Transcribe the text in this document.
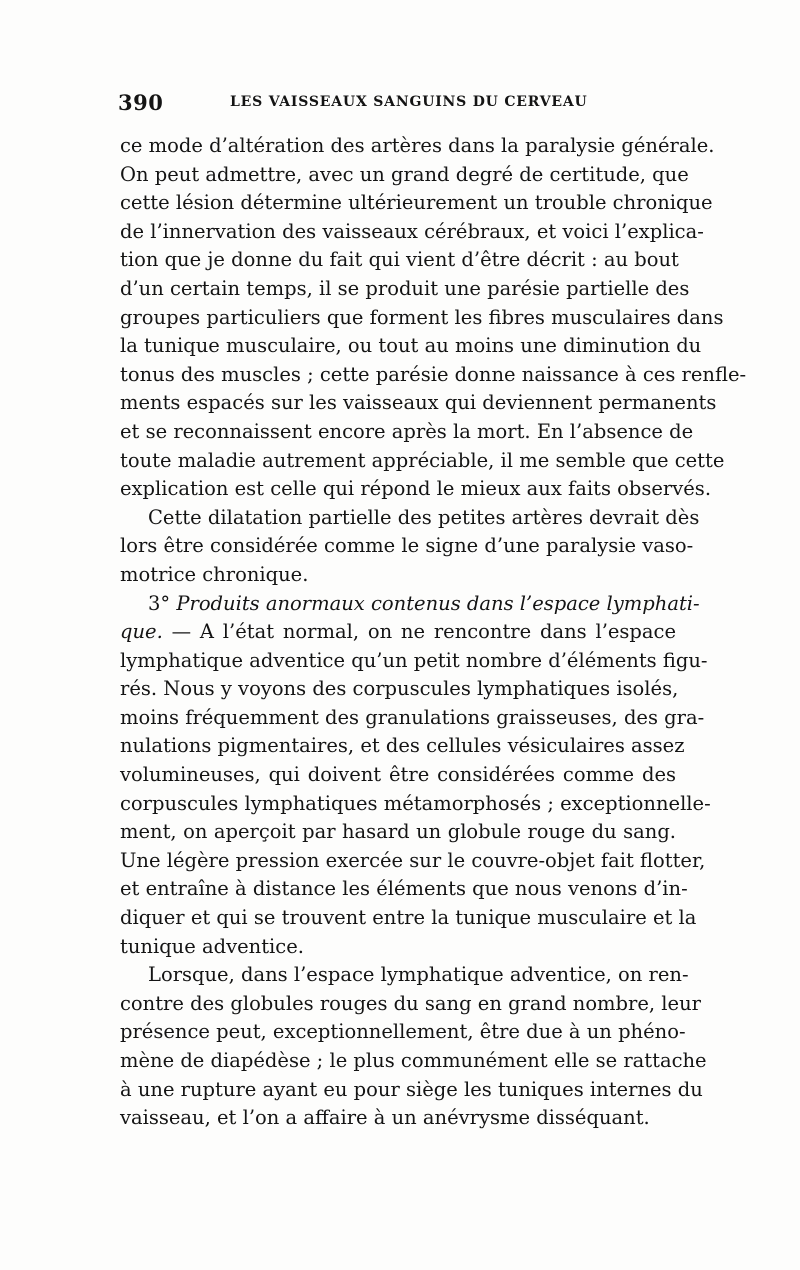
390	LES VAISSEAUX SANGUINS DU CERVEAU
ce mode d’altération des artères dans la paralysie générale.
On peut admettre, avec un grand degré de certitude, que
cette lésion détermine ultérieurement un trouble chronique
de l’innervation des vaisseaux cérébraux, et voici l’explica-
tion que je donne du fait qui vient d’être décrit : au bout
d’un certain temps, il se produit une parésie partielle des
groupes particuliers que forment les fibres musculaires dans
la tunique musculaire, ou tout au moins une diminution du
tonus des muscles ; cette parésie donne naissance à ces renfle-
ments espacés sur les vaisseaux qui deviennent permanents
et se reconnaissent encore après la mort. En l’absence de
toute maladie autrement appréciable, il me semble que cette
explication est celle qui répond le mieux aux faits observés.
Cette dilatation partielle des petites artères devrait dès
lors être considérée comme le signe d’une paralysie vaso-
motrice chronique.
3° Produits anormaux contenus dans l’espace lymphati-
que. — A l’état normal, on ne rencontre dans l’espace
lymphatique adventice qu’un petit nombre d’éléments figu-
rés. Nous y voyons des corpuscules lymphatiques isolés,
moins fréquemment des granulations graisseuses, des gra-
nulations pigmentaires, et des cellules vésiculaires assez
volumineuses, qui doivent être considérées comme des
corpuscules lymphatiques métamorphosés ; exceptionnelle-
ment, on aperçoit par hasard un globule rouge du sang.
Une légère pression exercée sur le couvre-objet fait flotter,
et entraîne à distance les éléments que nous venons d’in-
diquer et qui se trouvent entre la tunique musculaire et la
tunique adventice.
Lorsque, dans l’espace lymphatique adventice, on ren-
contre des globules rouges du sang en grand nombre, leur
présence peut, exceptionnellement, être due à un phéno-
mène de diapédèse ; le plus communément elle se rattache
à une rupture ayant eu pour siège les tuniques internes du
vaisseau, et l’on a affaire à un anévrysme disséquant.
